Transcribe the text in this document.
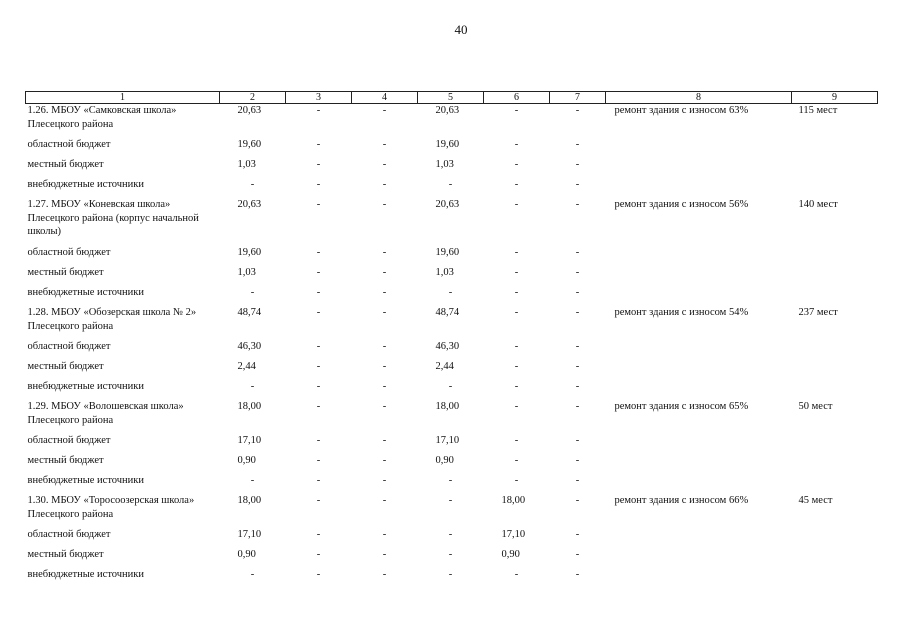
40
1	2	3	4	5	6	7	8	9
1.26. МБОУ «Самковская школа» Плесецкого района	20,63	-	-	20,63	-	-	ремонт здания с износом 63%	115 мест
областной бюджет	19,60	-	-	19,60	-	-		
местный бюджет	1,03	-	-	1,03	-	-		
внебюджетные источники	-	-	-	-	-	-		
1.27. МБОУ «Коневская школа» Плесецкого района (корпус начальной школы)	20,63	-	-	20,63	-	-	ремонт здания с износом 56%	140 мест
областной бюджет	19,60	-	-	19,60	-	-		
местный бюджет	1,03	-	-	1,03	-	-		
внебюджетные источники	-	-	-	-	-	-		
1.28. МБОУ «Обозерская школа № 2» Плесецкого района	48,74	-	-	48,74	-	-	ремонт здания с износом 54%	237 мест
областной бюджет	46,30	-	-	46,30	-	-		
местный бюджет	2,44	-	-	2,44	-	-		
внебюджетные источники	-	-	-	-	-	-		
1.29. МБОУ «Волошевская школа» Плесецкого района	18,00	-	-	18,00	-	-	ремонт здания с износом 65%	50 мест
областной бюджет	17,10	-	-	17,10	-	-		
местный бюджет	0,90	-	-	0,90	-	-		
внебюджетные источники	-	-	-	-	-	-		
1.30. МБОУ «Торосоозерская школа» Плесецкого района	18,00	-	-	-	18,00	-	ремонт здания с износом 66%	45 мест
областной бюджет	17,10	-	-	-	17,10	-		
местный бюджет	0,90	-	-	-	0,90	-		
внебюджетные источники	-	-	-	-	-	-		
